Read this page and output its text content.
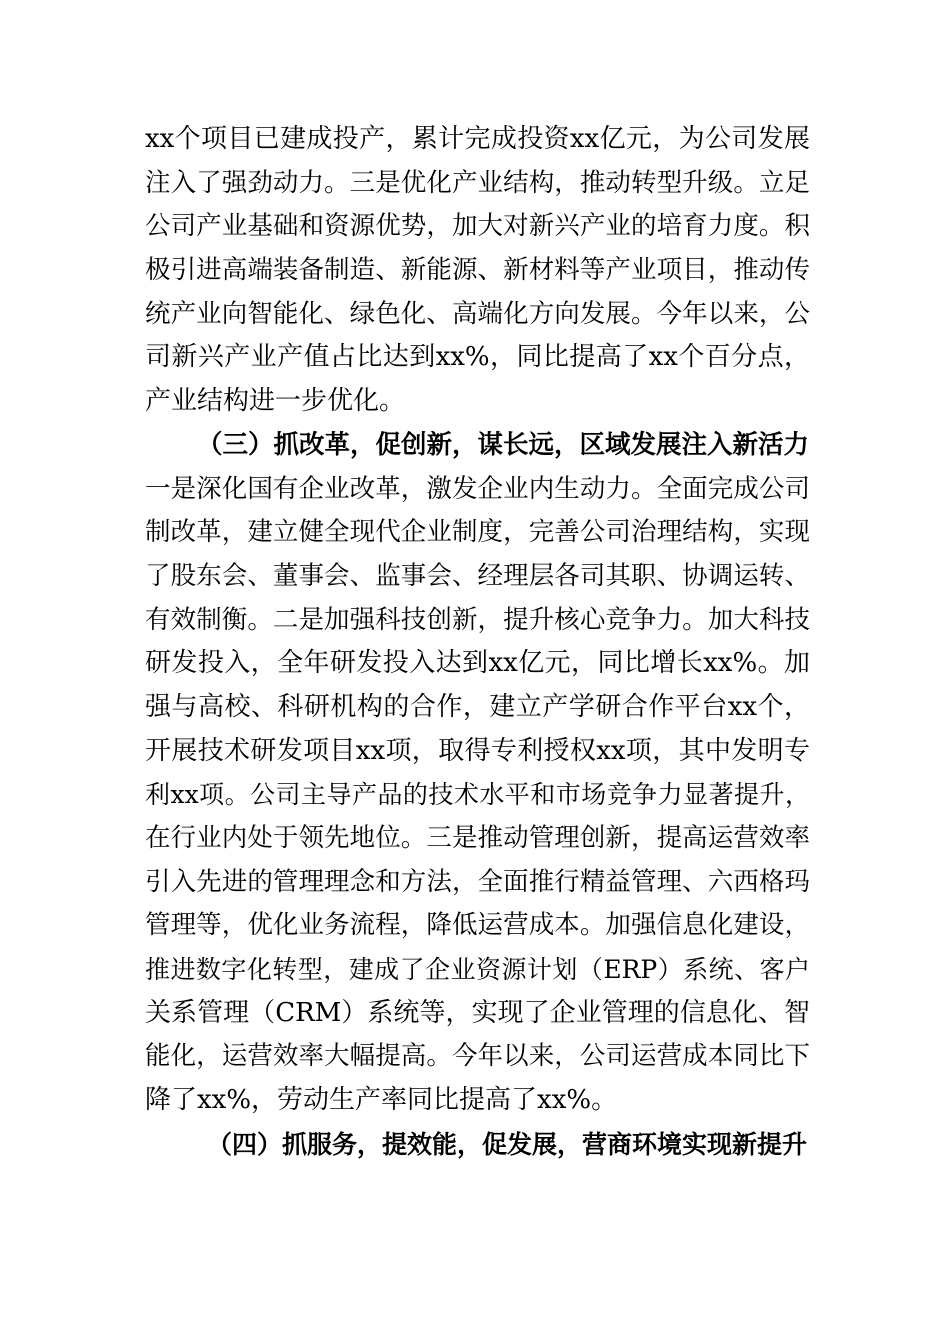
xx个项目已建成投产，累计完成投资xx亿元，为公司发展
注入了强劲动力。三是优化产业结构，推动转型升级。立足
公司产业基础和资源优势，加大对新兴产业的培育力度。积
极引进高端装备制造、新能源、新材料等产业项目，推动传
统产业向智能化、绿色化、高端化方向发展。今年以来，公
司新兴产业产值占比达到xx%，同比提高了xx个百分点，
产业结构进一步优化。
（三）抓改革，促创新，谋长远，区域发展注入新活力
一是深化国有企业改革，激发企业内生动力。全面完成公司
制改革，建立健全现代企业制度，完善公司治理结构，实现
了股东会、董事会、监事会、经理层各司其职、协调运转、
有效制衡。二是加强科技创新，提升核心竞争力。加大科技
研发投入，全年研发投入达到xx亿元，同比增长xx%。加
强与高校、科研机构的合作，建立产学研合作平台xx个，
开展技术研发项目xx项，取得专利授权xx项，其中发明专
利xx项。公司主导产品的技术水平和市场竞争力显著提升，
在行业内处于领先地位。三是推动管理创新，提高运营效率
引入先进的管理理念和方法，全面推行精益管理、六西格玛
管理等，优化业务流程，降低运营成本。加强信息化建设，
推进数字化转型，建成了企业资源计划（ERP）系统、客户
关系管理（CRM）系统等，实现了企业管理的信息化、智
能化，运营效率大幅提高。今年以来，公司运营成本同比下
降了xx%，劳动生产率同比提高了xx%。
（四）抓服务，提效能，促发展，营商环境实现新提升
